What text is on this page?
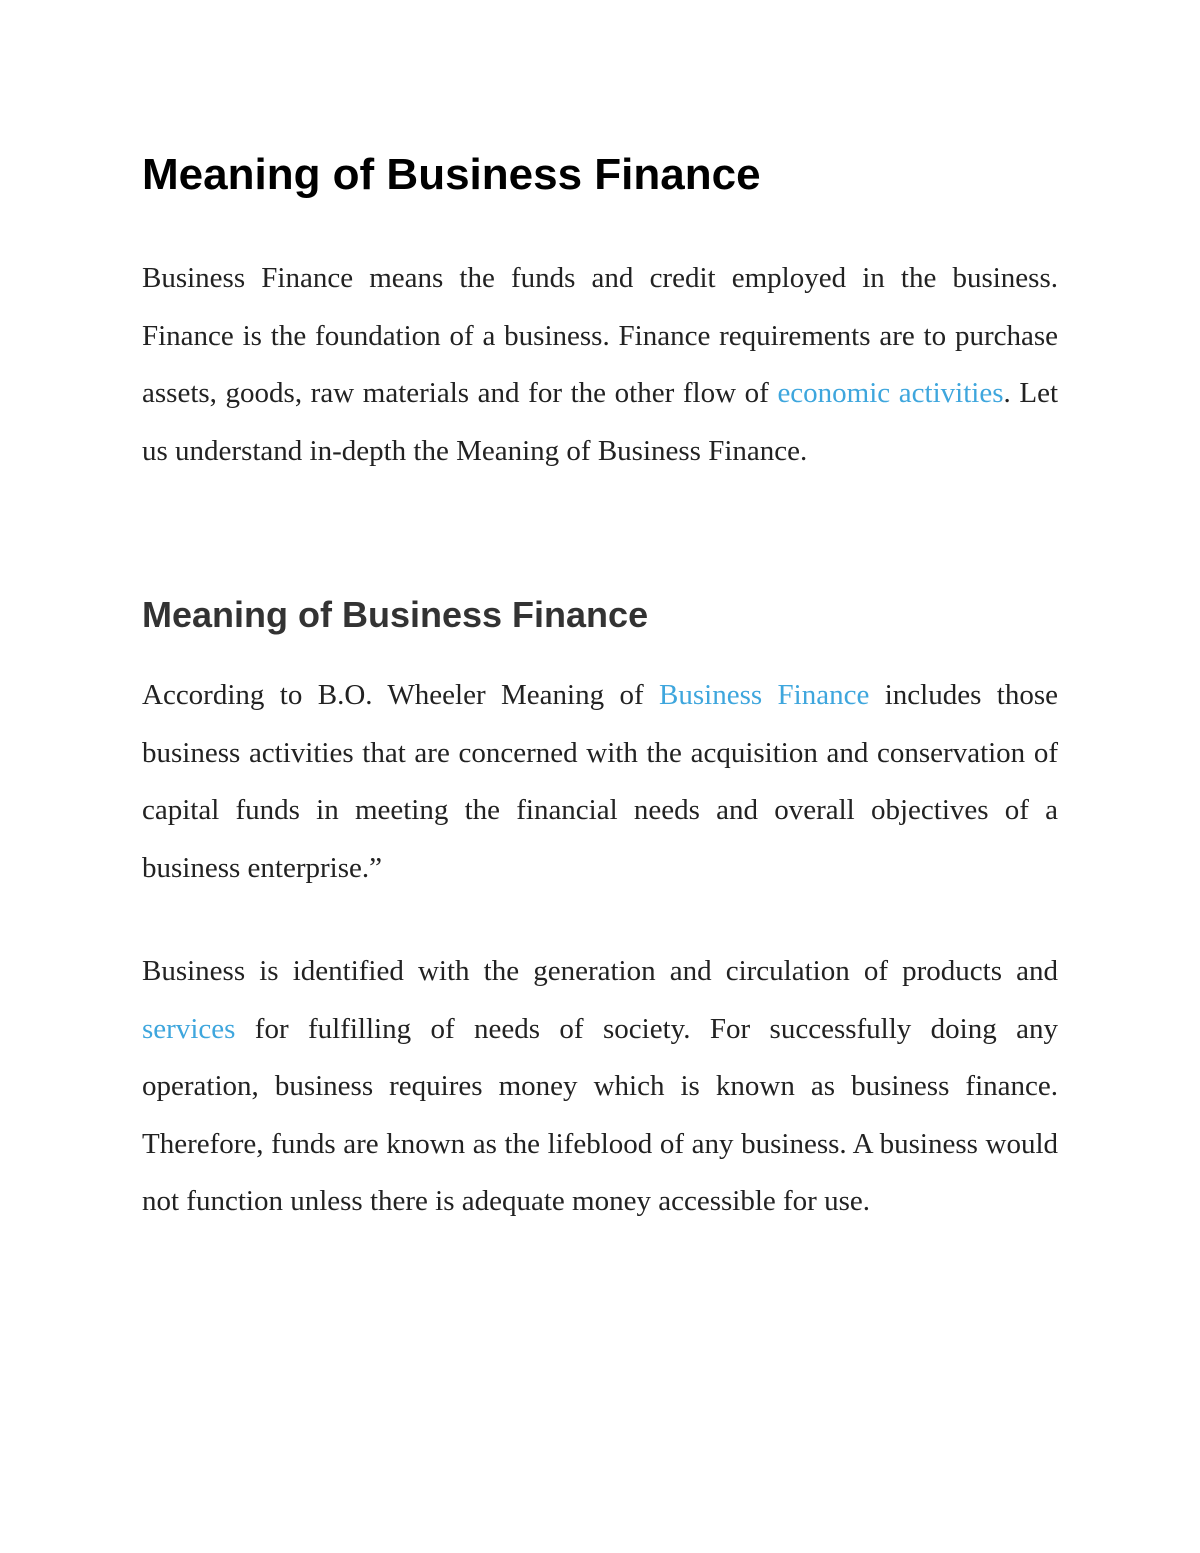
Meaning of Business Finance

Business Finance means the funds and credit employed in the business. Finance is the foundation of a business. Finance requirements are to purchase assets, goods, raw materials and for the other flow of economic activities. Let us understand in-depth the Meaning of Business Finance.

Meaning of Business Finance

According to B.O. Wheeler Meaning of Business Finance includes those business activities that are concerned with the acquisition and conservation of capital funds in meeting the financial needs and overall objectives of a business enterprise.”

Business is identified with the generation and circulation of products and services for fulfilling of needs of society. For successfully doing any operation, business requires money which is known as business finance. Therefore, funds are known as the lifeblood of any business. A business would not function unless there is adequate money accessible for use.
